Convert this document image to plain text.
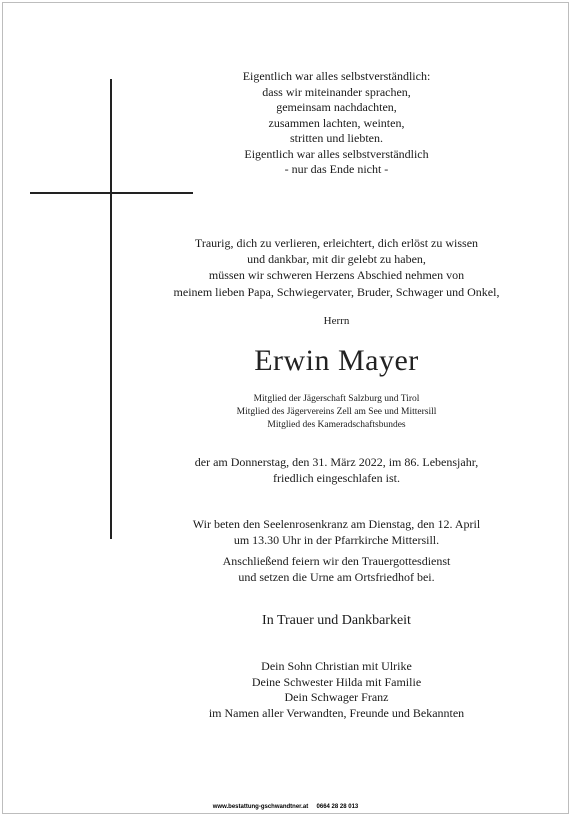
Eigentlich war alles selbstverständlich:
dass wir miteinander sprachen,
gemeinsam nachdachten,
zusammen lachten, weinten,
stritten und liebten.
Eigentlich war alles selbstverständlich
- nur das Ende nicht -
Traurig, dich zu verlieren, erleichtert, dich erlöst zu wissen
und dankbar, mit dir gelebt zu haben,
müssen wir schweren Herzens Abschied nehmen von
meinem lieben Papa, Schwiegervater, Bruder, Schwager und Onkel,
Herrn
Erwin Mayer
Mitglied der Jägerschaft Salzburg und Tirol
Mitglied des Jägervereins Zell am See und Mittersill
Mitglied des Kameradschaftsbundes
der am Donnerstag, den 31. März 2022, im 86. Lebensjahr,
friedlich eingeschlafen ist.
Wir beten den Seelenrosenkranz am Dienstag, den 12. April
um 13.30 Uhr in der Pfarrkirche Mittersill.
Anschließend feiern wir den Trauergottesdienst
und setzen die Urne am Ortsfriedhof bei.
In Trauer und Dankbarkeit
Dein Sohn Christian mit Ulrike
Deine Schwester Hilda mit Familie
Dein Schwager Franz
im Namen aller Verwandten, Freunde und Bekannten
www.bestattung-gschwandtner.at 0664 28 28 013
